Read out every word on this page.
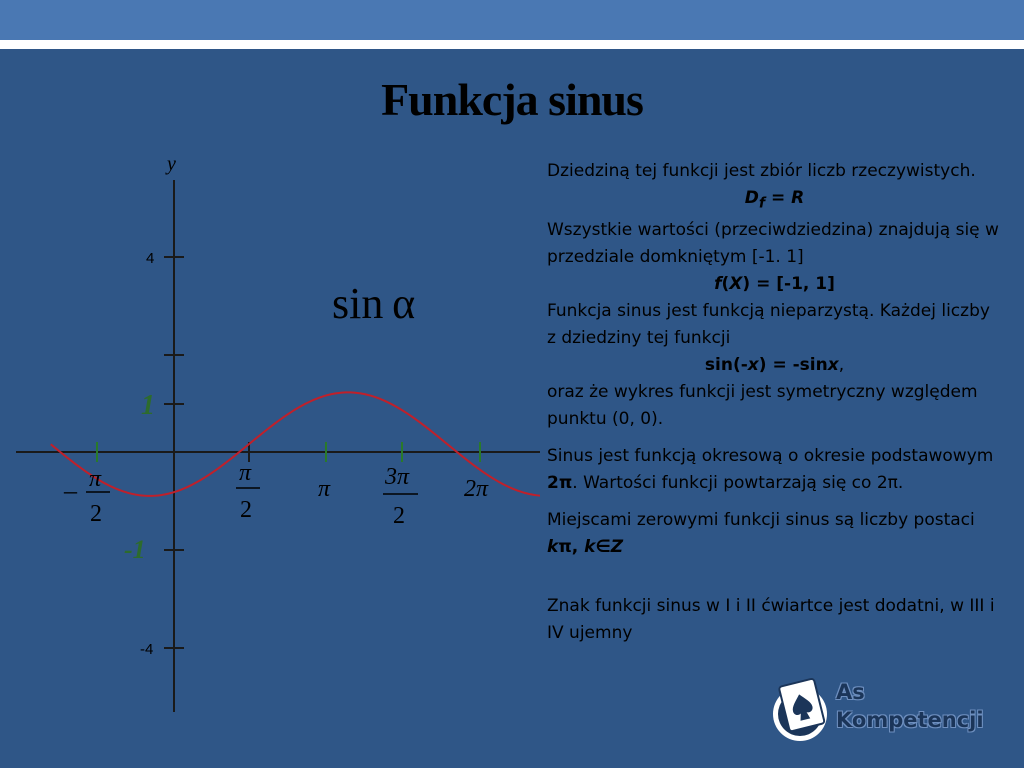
Funkcja sinus
y
4
1
-1
-4
sin α
– π
2
π
2
π 3π
2
2π

Dziedziną tej funkcji jest zbiór liczb rzeczywistych.

$D_f = R$

Wszystkie wartości (przeciwdziedzina) znajdują się w przedziale domkniętym [-1. 1]

f(X) = [-1, 1]

Funkcja sinus jest funkcją nieparzystą. Każdej liczby z dziedziny tej funkcji

sin(-x) = -sinx,

oraz że wykres funkcji jest symetryczny względem punktu (0, 0).

Sinus jest funkcją okresową o okresie podstawowym 2π. Wartości funkcji powtarzają się co 2π.

Miejscami zerowymi funkcji sinus są liczby postaci kπ, k∈Z

Znak funkcji sinus w I i II ćwiartce jest dodatni, w III i IV ujemny

As
Kompetencji
